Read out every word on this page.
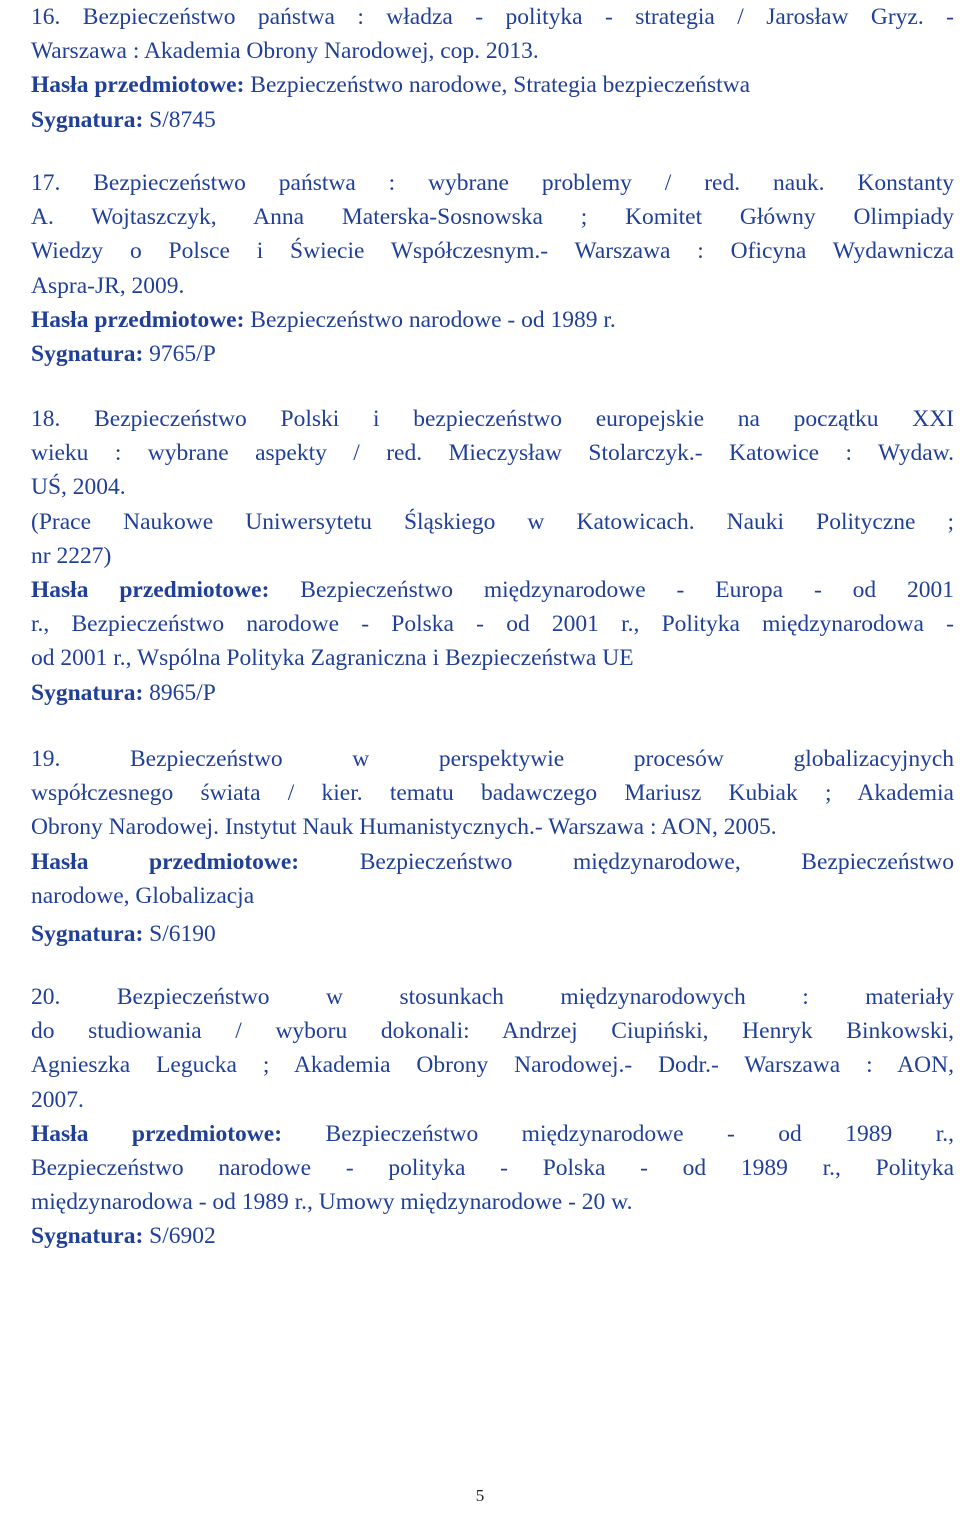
16. Bezpieczeństwo państwa : władza - polityka - strategia / Jarosław Gryz. -
Warszawa : Akademia Obrony Narodowej, cop. 2013.
Hasła przedmiotowe: Bezpieczeństwo narodowe, Strategia bezpieczeństwa
Sygnatura: S/8745
17. Bezpieczeństwo państwa : wybrane problemy / red. nauk. Konstanty
A. Wojtaszczyk, Anna Materska-Sosnowska ; Komitet Główny Olimpiady
Wiedzy o Polsce i Świecie Współczesnym.- Warszawa : Oficyna Wydawnicza
Aspra-JR, 2009.
Hasła przedmiotowe: Bezpieczeństwo narodowe - od 1989 r.
Sygnatura: 9765/P
18. Bezpieczeństwo Polski i bezpieczeństwo europejskie na początku XXI
wieku : wybrane aspekty / red. Mieczysław Stolarczyk.- Katowice : Wydaw.
UŚ, 2004.
(Prace Naukowe Uniwersytetu Śląskiego w Katowicach. Nauki Polityczne ;
nr 2227)
Hasła przedmiotowe: Bezpieczeństwo międzynarodowe - Europa - od 2001
r., Bezpieczeństwo narodowe - Polska - od 2001 r., Polityka międzynarodowa -
od 2001 r., Wspólna Polityka Zagraniczna i Bezpieczeństwa UE
Sygnatura: 8965/P
19. Bezpieczeństwo w perspektywie procesów globalizacyjnych
współczesnego świata / kier. tematu badawczego Mariusz Kubiak ; Akademia
Obrony Narodowej. Instytut Nauk Humanistycznych.- Warszawa : AON, 2005.
Hasła przedmiotowe:	Bezpieczeństwo międzynarodowe, Bezpieczeństwo
narodowe, Globalizacja
Sygnatura: S/6190
20. Bezpieczeństwo w stosunkach międzynarodowych : materiały
do studiowania / wyboru dokonali: Andrzej Ciupiński, Henryk Binkowski,
Agnieszka Legucka ; Akademia Obrony Narodowej.- Dodr.- Warszawa : AON,
2007.
Hasła przedmiotowe: Bezpieczeństwo międzynarodowe - od 1989 r.,
Bezpieczeństwo narodowe - polityka - Polska - od 1989 r., Polityka
międzynarodowa - od 1989 r., Umowy międzynarodowe - 20 w.
Sygnatura: S/6902
5
